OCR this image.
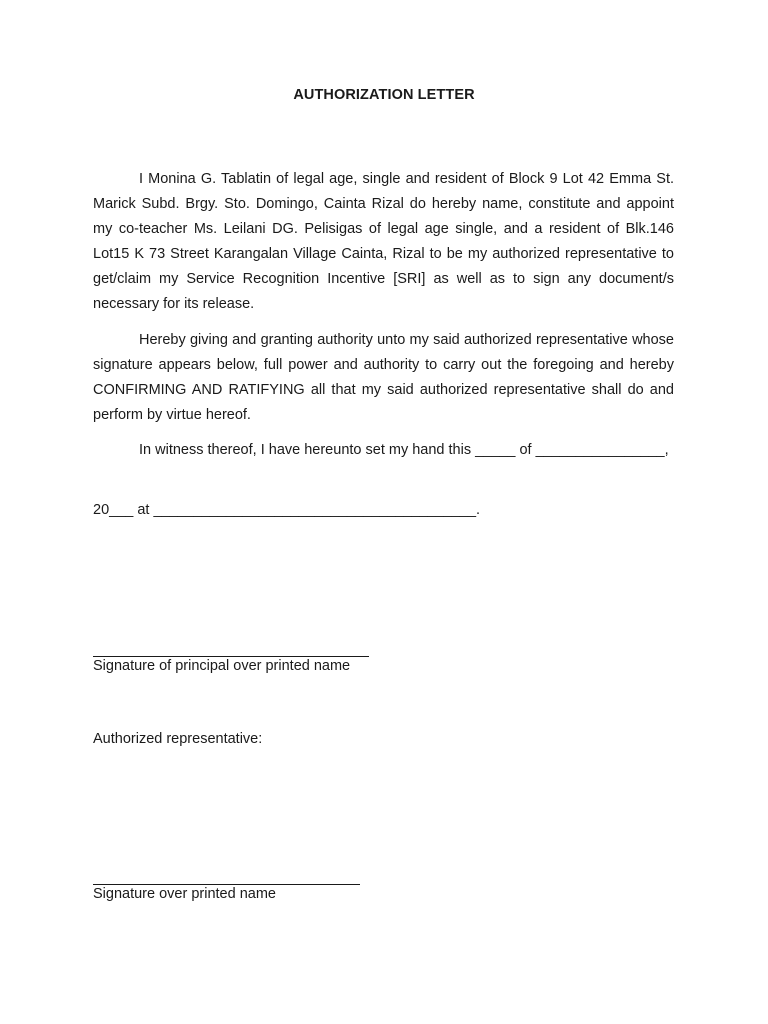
AUTHORIZATION LETTER

I Monina G. Tablatin of legal age, single and resident of Block 9 Lot 42 Emma St. Marick Subd. Brgy. Sto. Domingo, Cainta Rizal do hereby name, constitute and appoint my co-teacher Ms. Leilani DG. Pelisigas of legal age single, and a resident of Blk.146 Lot15 K 73 Street Karangalan Village Cainta, Rizal to be my authorized representative to get/claim my Service Recognition Incentive [SRI] as well as to sign any document/s necessary for its release.

Hereby giving and granting authority unto my said authorized representative whose signature appears below, full power and authority to carry out the foregoing and hereby CONFIRMING AND RATIFYING all that my said authorized representative shall do and perform by virtue hereof.

In witness thereof, I have hereunto set my hand this _____ of ________________,

20___ at ________________________________________.
Signature of principal over printed name
Authorized representative:
Signature over printed name
